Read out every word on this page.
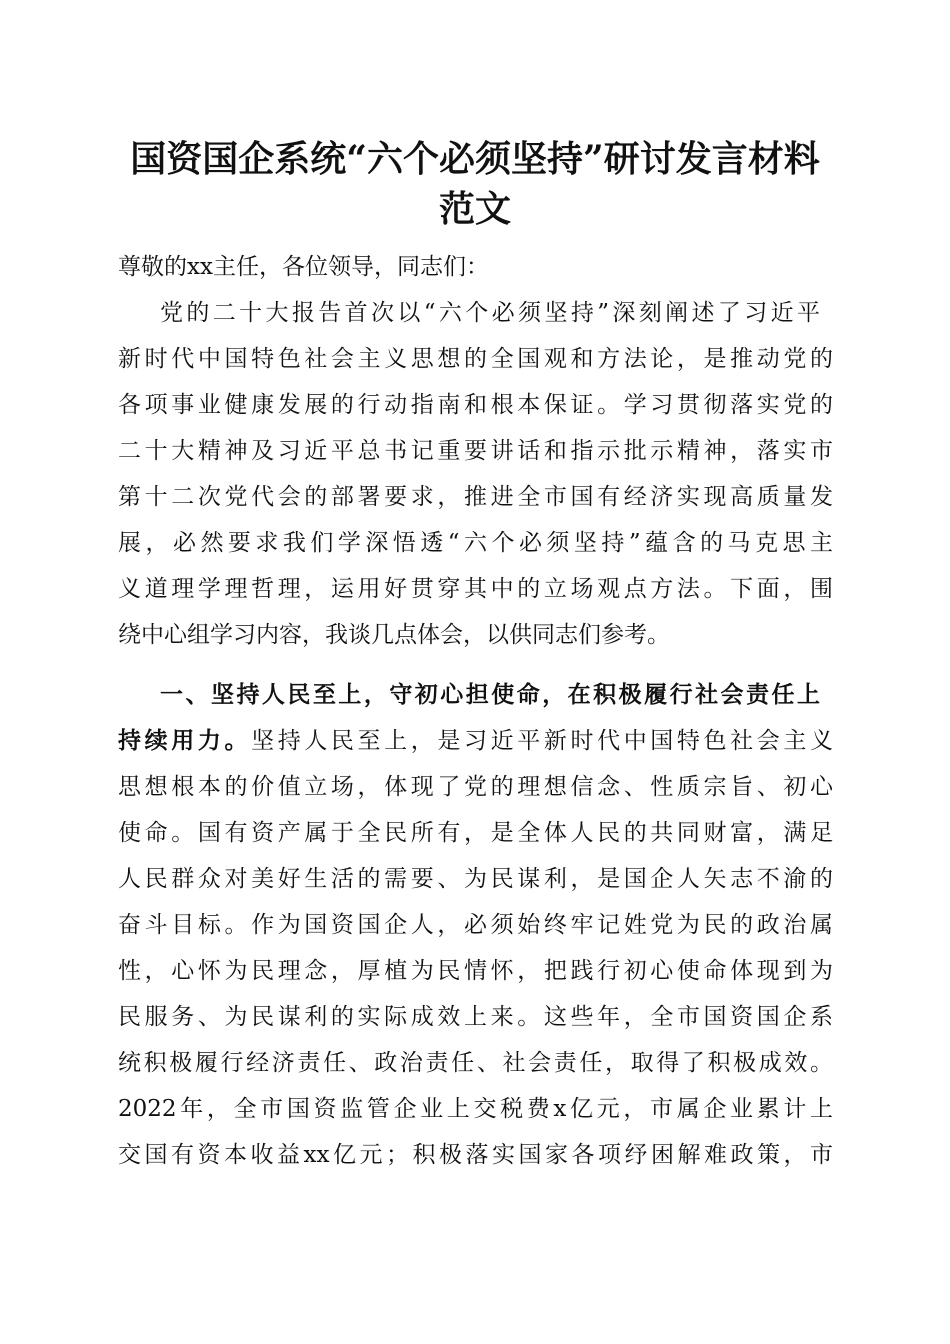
国资国企系统“六个必须坚持”研讨发言材料
范文
尊敬的xx主任，各位领导，同志们：
党的二十大报告首次以“六个必须坚持”深刻阐述了习近平
新时代中国特色社会主义思想的全国观和方法论，是推动党的
各项事业健康发展的行动指南和根本保证。学习贯彻落实党的
二十大精神及习近平总书记重要讲话和指示批示精神，落实市
第十二次党代会的部署要求，推进全市国有经济实现高质量发
展，必然要求我们学深悟透“六个必须坚持”蕴含的马克思主
义道理学理哲理，运用好贯穿其中的立场观点方法。下面，围
绕中心组学习内容，我谈几点体会，以供同志们参考。
一、坚持人民至上，守初心担使命，在积极履行社会责任上
持续用力。坚持人民至上，是习近平新时代中国特色社会主义
思想根本的价值立场，体现了党的理想信念、性质宗旨、初心
使命。国有资产属于全民所有，是全体人民的共同财富，满足
人民群众对美好生活的需要、为民谋利，是国企人矢志不渝的
奋斗目标。作为国资国企人，必须始终牢记姓党为民的政治属
性，心怀为民理念，厚植为民情怀，把践行初心使命体现到为
民服务、为民谋利的实际成效上来。这些年，全市国资国企系
统积极履行经济责任、政治责任、社会责任，取得了积极成效。
2022年，全市国资监管企业上交税费x亿元，市属企业累计上
交国有资本收益xx亿元；积极落实国家各项纾困解难政策，市
